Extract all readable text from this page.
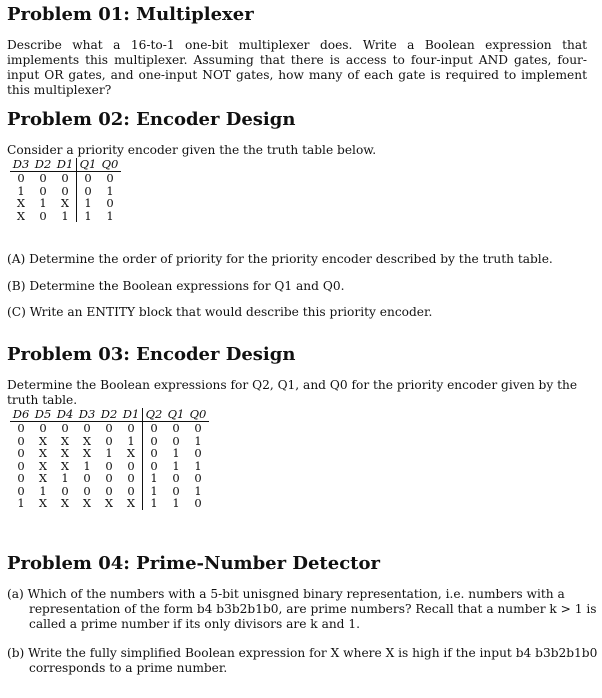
Problem 01: Multiplexer

Describe what a 16-to-1 one-bit multiplexer does. Write a Boolean expression that implements this multiplexer. Assuming that there is access to four-input AND gates, four-input OR gates, and one-input NOT gates, how many of each gate is required to implement this multiplexer?

Problem 02: Encoder Design

Consider a priority encoder given the the truth table below.

D3	D2	D1	Q1	Q0
0	0	0	0	0
1	0	0	0	1
X	1	X	1	0
X	0	1	1	1
(A) Determine the order of priority for the priority encoder described by the truth table.
(B) Determine the Boolean expressions for Q1 and Q0.
(C) Write an ENTITY block that would describe this priority encoder.
Problem 03: Encoder Design

Determine the Boolean expressions for Q2, Q1, and Q0 for the priority encoder given by the truth table.

D6	D5	D4	D3	D2	D1	Q2	Q1	Q0
0	0	0	0	0	0	0	0	0
0	X	X	X	0	1	0	0	1
0	X	X	X	1	X	0	1	0
0	X	X	1	0	0	0	1	1
0	X	1	0	0	0	1	0	0
0	1	0	0	0	0	1	0	1
1	X	X	X	X	X	1	1	0
Problem 04: Prime-Number Detector
(a) Which of the numbers with a 5-bit unisgned binary representation, i.e. numbers with a representation of the form b4 b3b2b1b0, are prime numbers? Recall that a number k > 1 is called a prime number if its only divisors are k and 1.
(b) Write the fully simplified Boolean expression for X where X is high if the input b4 b3b2b1b0 corresponds to a prime number.
